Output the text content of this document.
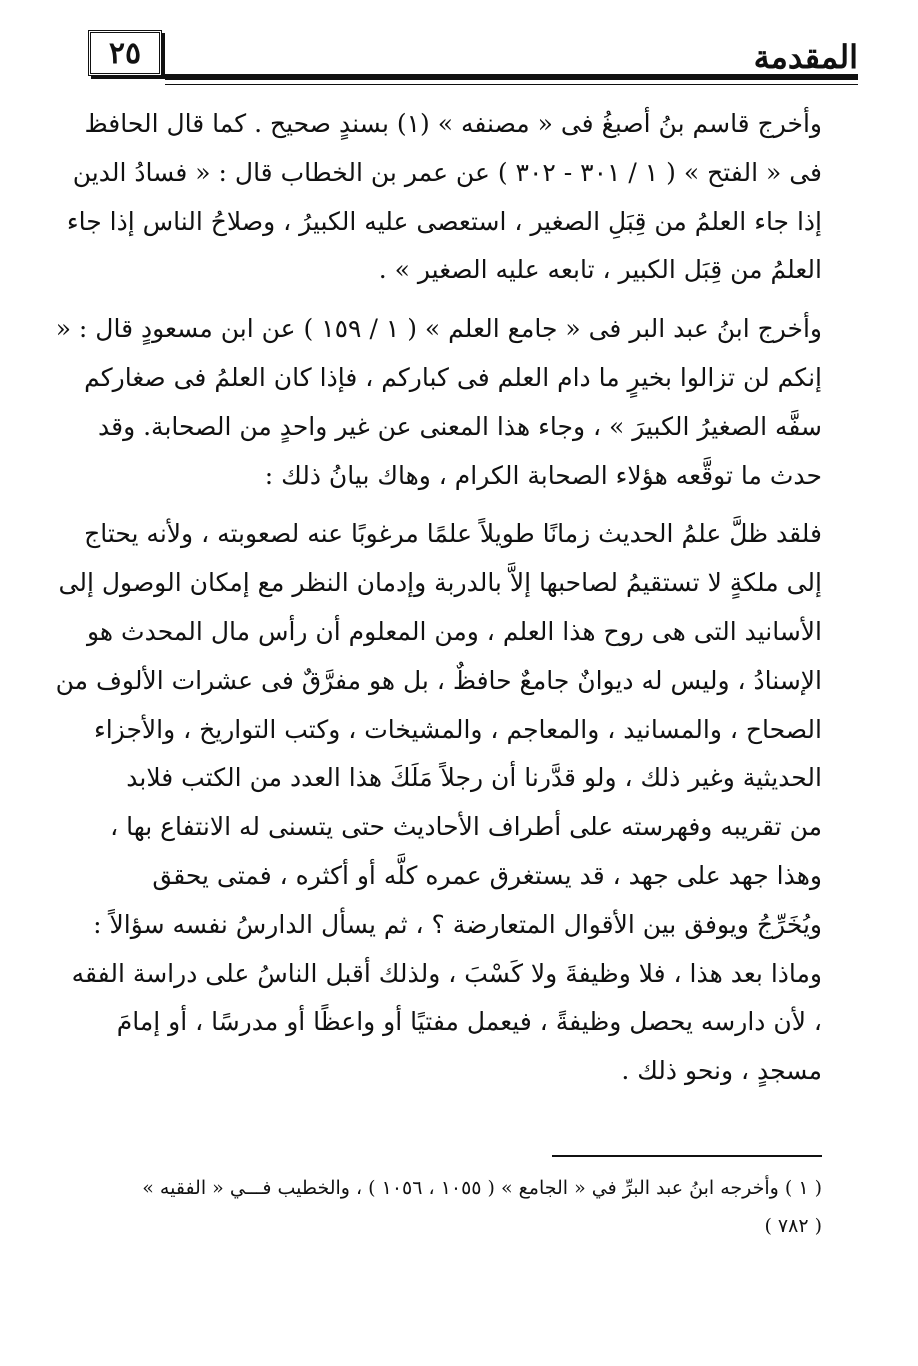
٢٥	المقدمة

وأخرج قاسم بنُ أصبغُ فى « مصنفه » (١) بسندٍ صحيح . كما قال الحافظ
فى « الفتح » ( ١ / ٣٠١ - ٣٠٢ ) عن عمر بن الخطاب قال : « فسادُ الدين
إذا جاء العلمُ من قِبَلِ الصغير ، استعصى عليه الكبيرُ ، وصلاحُ الناس إذا جاء
العلمُ من قِبَل الكبير ، تابعه عليه الصغير » .

وأخرج ابنُ عبد البر فى « جامع العلم » ( ١ / ١٥٩ ) عن ابن مسعودٍ قال : «
إنكم لن تزالوا بخيرٍ ما دام العلم فى كباركم ، فإذا كان العلمُ فى صغاركم
سفَّه الصغيرُ الكبيرَ » ، وجاء هذا المعنى عن غير واحدٍ من الصحابة. وقد
حدث ما توقَّعه هؤلاء الصحابة الكرام ، وهاك بيانُ ذلك :

فلقد ظلَّ علمُ الحديث زمانًا طويلاً علمًا مرغوبًا عنه لصعوبته ، ولأنه يحتاج
إلى ملكةٍ لا تستقيمُ لصاحبها إلاَّ بالدربة وإدمان النظر مع إمكان الوصول إلى
الأسانيد التى هى روح هذا العلم ، ومن المعلوم أن رأس مال المحدث هو
الإسنادُ ، وليس له ديوانٌ جامعٌ حافظٌ ، بل هو مفرَّقٌ فى عشرات الألوف من
الصحاح ، والمسانيد ، والمعاجم ، والمشيخات ، وكتب التواريخ ، والأجزاء
الحديثية وغير ذلك ، ولو قدَّرنا أن رجلاً مَلَكَ هذا العدد من الكتب فلابد
من تقريبه وفهرسته على أطراف الأحاديث حتى يتسنى له الانتفاع بها ،
وهذا جهد على جهد ، قد يستغرق عمره كلَّه أو أكثره ، فمتى يحقق
ويُخَرِّجُ ويوفق بين الأقوال المتعارضة ؟ ، ثم يسأل الدارسُ نفسه سؤالاً :
وماذا بعد هذا ، فلا وظيفةَ ولا كَسْبَ ، ولذلك أقبل الناسُ على دراسة الفقه
، لأن دارسه يحصل وظيفةً ، فيعمل مفتيًا أو واعظًا أو مدرسًا ، أو إمامَ
مسجدٍ ، ونحو ذلك .

( ١ ) وأخرجه ابنُ عبد البرِّ في « الجامع » ( ١٠٥٥ ، ١٠٥٦ ) ، والخطيب فـــي « الفقيه »
( ٧٨٢ )
